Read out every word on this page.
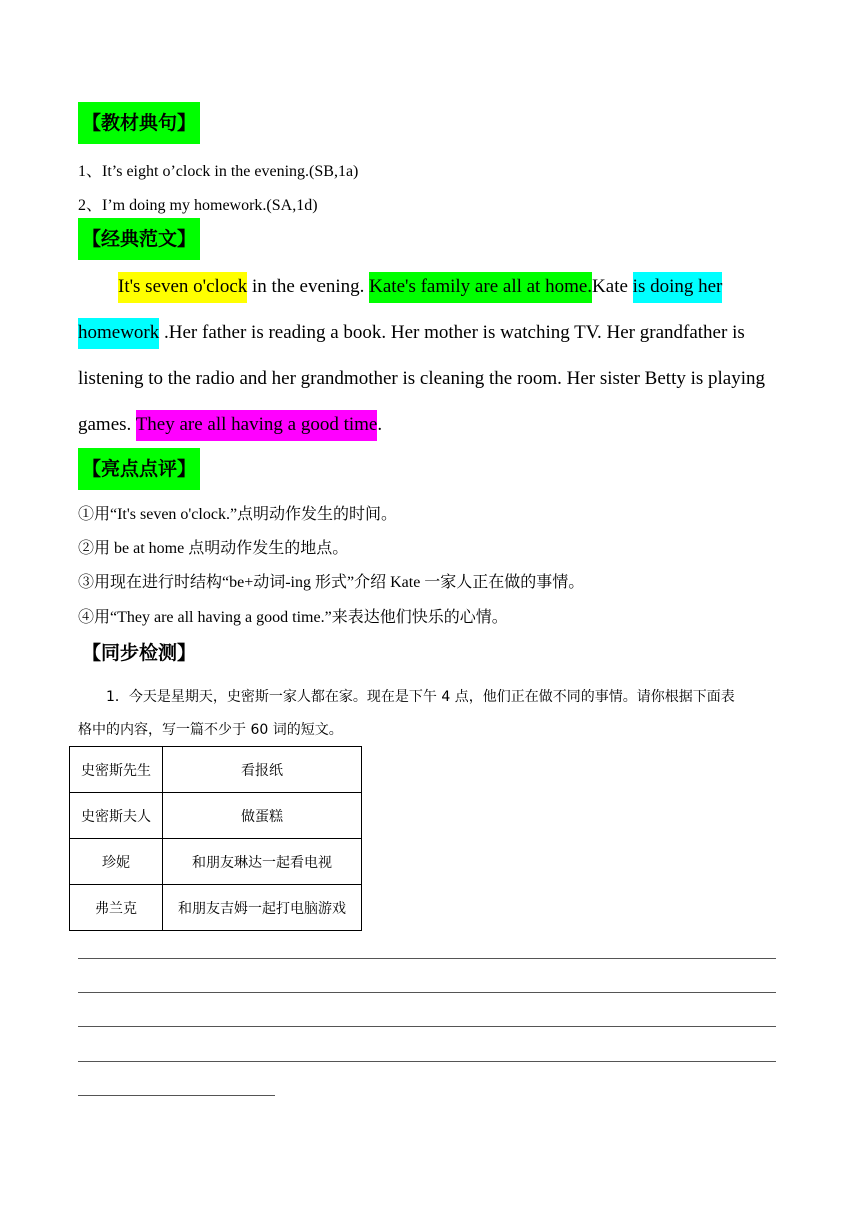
【教材典句】
1、It’s eight o’clock in the evening.(SB,1a)
2、I’m doing my homework.(SA,1d)
【经典范文】

It's seven o'clock in the evening. Kate's family are all at home.Kate is doing her homework .Her father is reading a book. Her mother is watching TV. Her grandfather is listening to the radio and her grandmother is cleaning the room. Her sister Betty is playing games. They are all having a good time.

【亮点点评】
①用“It's seven o'clock.”点明动作发生的时间。
②用 be at home 点明动作发生的地点。
③用现在进行时结构“be+动词-ing 形式”介绍 Kate 一家人正在做的事情。
④用“They are all having a good time.”来表达他们快乐的心情。
【同步检测】
1．今天是星期天，史密斯一家人都在家。现在是下午 4 点，他们正在做不同的事情。请你根据下面表
格中的内容，写一篇不少于 60 词的短文。
史密斯先生	看报纸
史密斯夫人	做蛋糕
珍妮	和朋友琳达一起看电视
弗兰克	和朋友吉姆一起打电脑游戏
